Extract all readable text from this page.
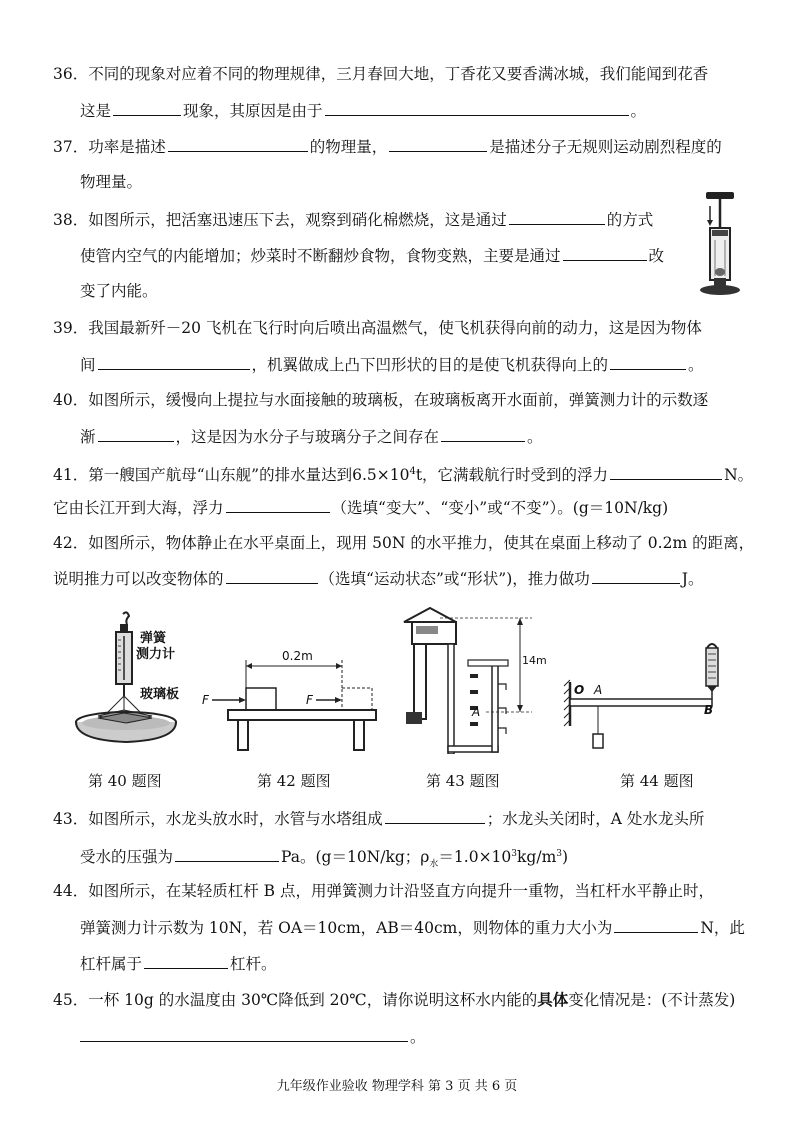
36．不同的现象对应着不同的物理规律，三月春回大地，丁香花又要香满冰城，我们能闻到花香
这是	现象，其原因是由于	。
37．功率是描述	的物理量，	是描述分子无规则运动剧烈程度的
物理量。
38．如图所示，把活塞迅速压下去，观察到硝化棉燃烧，这是通过	的方式
使管内空气的内能增加；炒菜时不断翻炒食物，食物变熟，主要是通过	改
变了内能。
39．我国最新歼－20 飞机在飞行时向后喷出高温燃气，使飞机获得向前的动力，这是因为物体
间	，机翼做成上凸下凹形状的目的是使飞机获得向上的	。
40．如图所示，缓慢向上提拉与水面接触的玻璃板，在玻璃板离开水面前，弹簧测力计的示数逐
渐	，这是因为水分子与玻璃分子之间存在	。
41．第一艘国产航母“山东舰”的排水量达到$6.5\times 10^4t$，它满载航行时受到的浮力	N。
它由长江开到大海，浮力	（选填“变大”、“变小”或“不变”）。(g＝10N/kg)
42．如图所示，物体静止在水平桌面上，现用 50N 的水平推力，使其在桌面上移动了 0.2m 的距离，
说明推力可以改变物体的	（选填“运动状态”或“形状”)，推力做功	J。
弹簧
测力计
玻璃板
0.2m
F	F
A
14m
O A
B
第 40 题图	第 42 题图	第 43 题图	第 44 题图
43．如图所示，水龙头放水时，水管与水塔组成	；水龙头关闭时，A 处水龙头所
受水的压强为	Pa。(g＝10N/kg；$\rho_水=1.0\times 10^3kg/m^3$)
44．如图所示，在某轻质杠杆 B 点，用弹簧测力计沿竖直方向提升一重物，当杠杆水平静止时，
弹簧测力计示数为 10N，若 OA＝10cm，AB＝40cm，则物体的重力大小为	N，此
杠杆属于	杠杆。
45．一杯 10g 的水温度由 30℃降低到 20℃，请你说明这杯水内能的具体变化情况是：(不计蒸发)
。
九年级作业验收 物理学科 第 3 页 共 6 页
